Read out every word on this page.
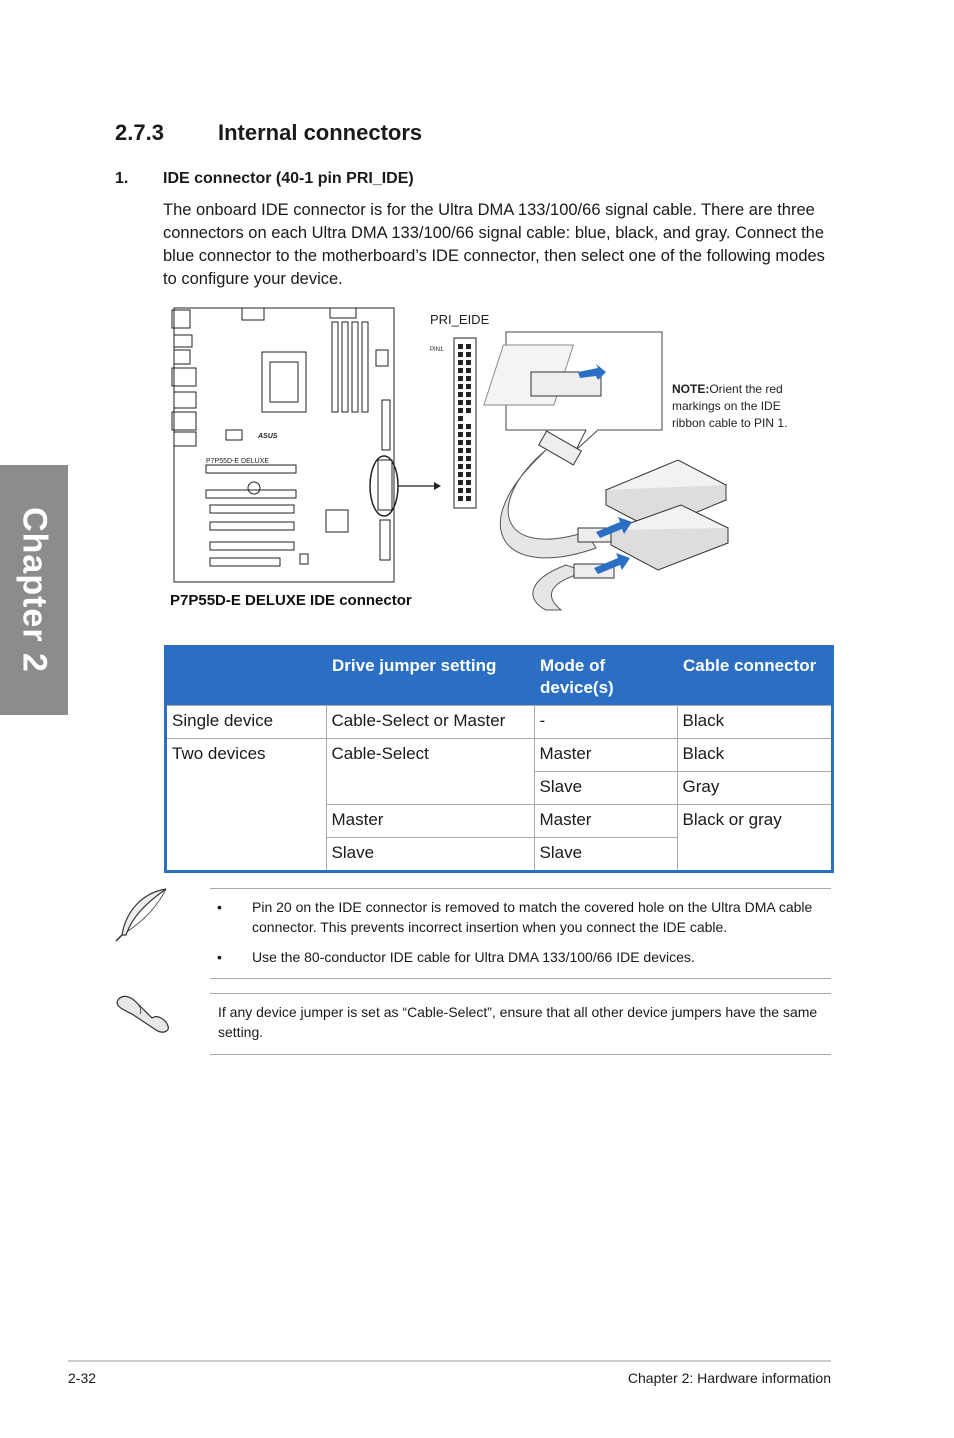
Chapter 2
2.7.3 Internal connectors
1. IDE connector (40-1 pin PRI_IDE)
The onboard IDE connector is for the Ultra DMA 133/100/66 signal cable. There are three connectors on each Ultra DMA 133/100/66 signal cable: blue, black, and gray. Connect the blue connector to the motherboard’s IDE connector, then select one of the following modes to configure your device.
P7P55D-E DELUXE
ASUS
PRI_EIDE
PIN1
NOTE:Orient the red
markings on the IDE
ribbon cable to PIN 1.
P7P55D-E DELUXE IDE connector
	Drive jumper setting	Mode of device(s)	Cable connector
Single device	Cable-Select or Master	-	Black
Two devices	Cable-Select	Master	Black
		Slave	Gray
	Master	Master	Black or gray
	Slave	Slave	
• Pin 20 on the IDE connector is removed to match the covered hole on the Ultra DMA cable connector. This prevents incorrect insertion when you connect the IDE cable.
• Use the 80-conductor IDE cable for Ultra DMA 133/100/66 IDE devices.
If any device jumper is set as “Cable-Select”, ensure that all other device jumpers have the same setting.
2-32	Chapter 2: Hardware information
